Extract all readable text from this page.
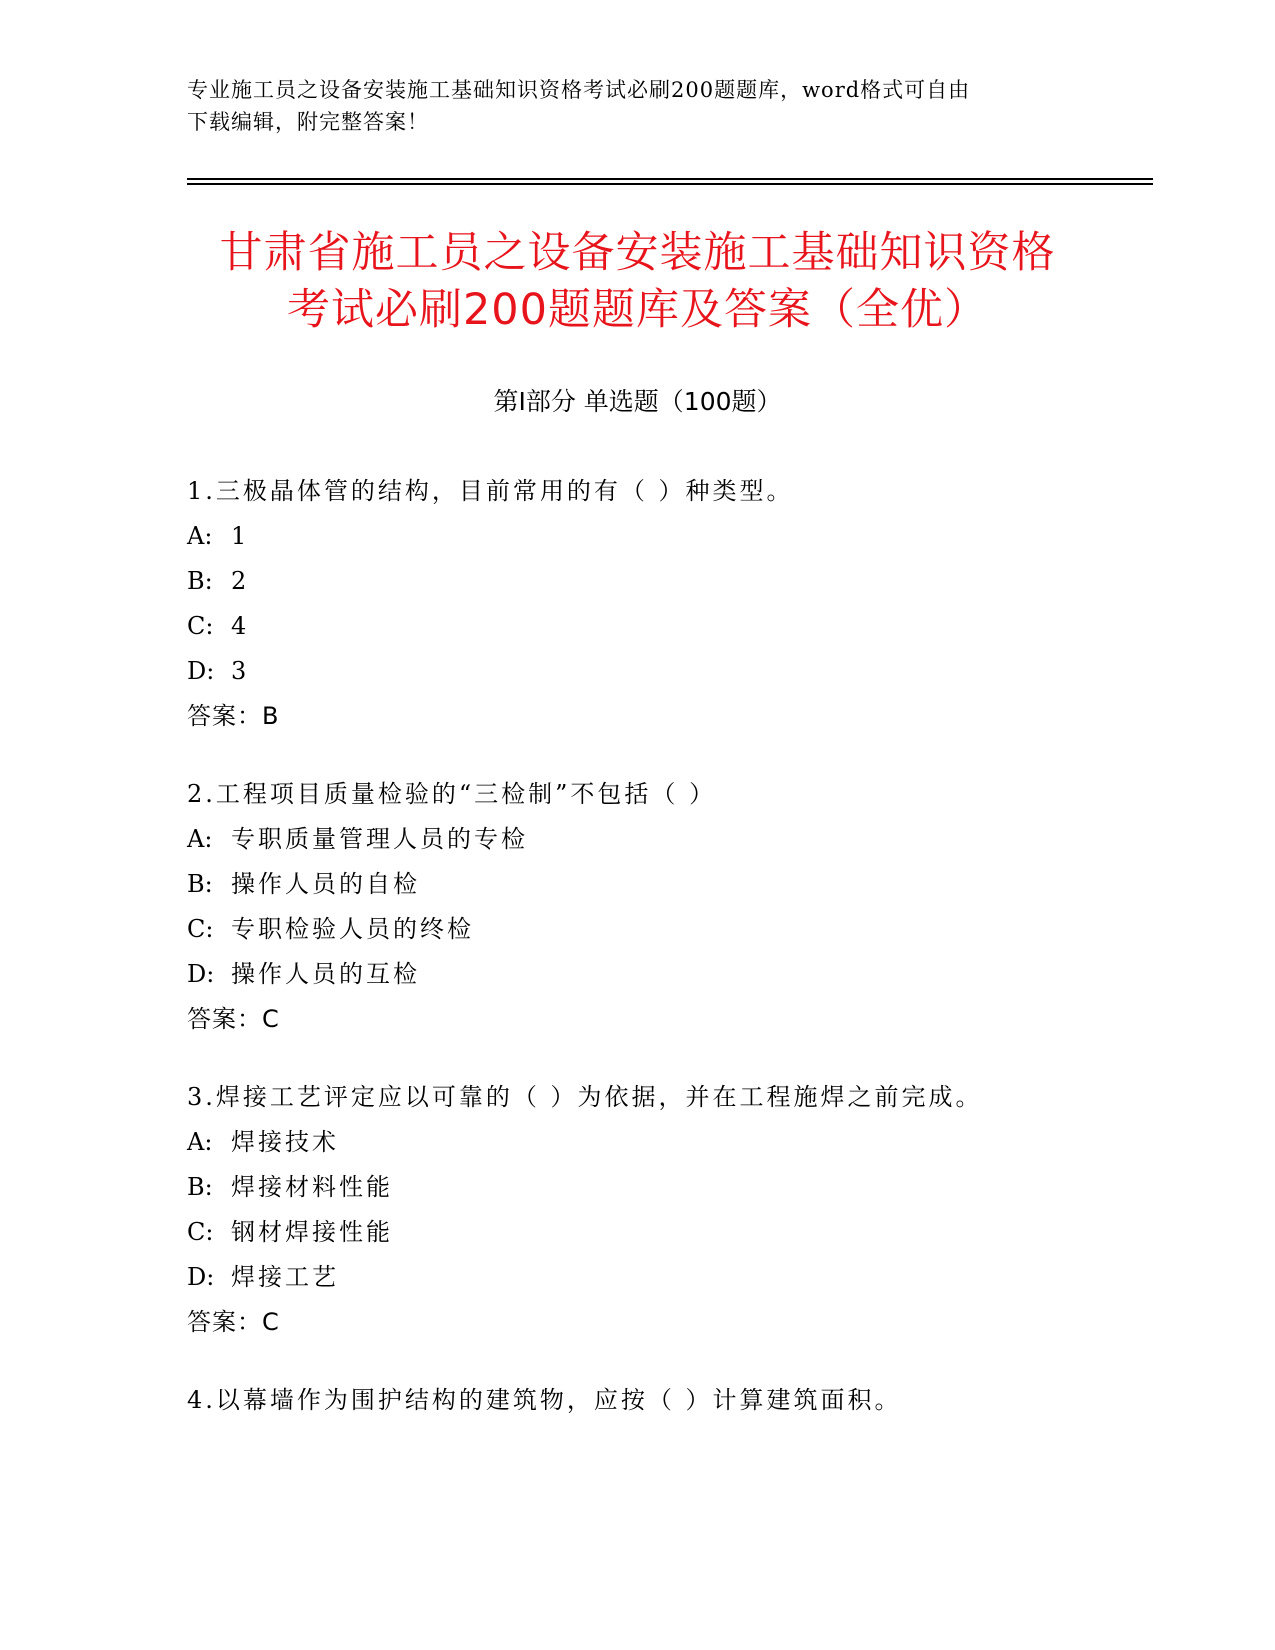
专业施工员之设备安装施工基础知识资格考试必刷200题题库，word格式可自由
下载编辑，附完整答案！
甘肃省施工员之设备安装施工基础知识资格
考试必刷200题题库及答案（全优）
第Ⅰ部分 单选题（100题）
1.三极晶体管的结构，目前常用的有（ ）种类型。
A: 1
B: 2
C: 4
D: 3
答案：B
2.工程项目质量检验的“三检制”不包括（ ）
A: 专职质量管理人员的专检
B: 操作人员的自检
C: 专职检验人员的终检
D: 操作人员的互检
答案：C
3.焊接工艺评定应以可靠的（ ）为依据，并在工程施焊之前完成。
A: 焊接技术
B: 焊接材料性能
C: 钢材焊接性能
D: 焊接工艺
答案：C
4.以幕墙作为围护结构的建筑物，应按（ ）计算建筑面积。
